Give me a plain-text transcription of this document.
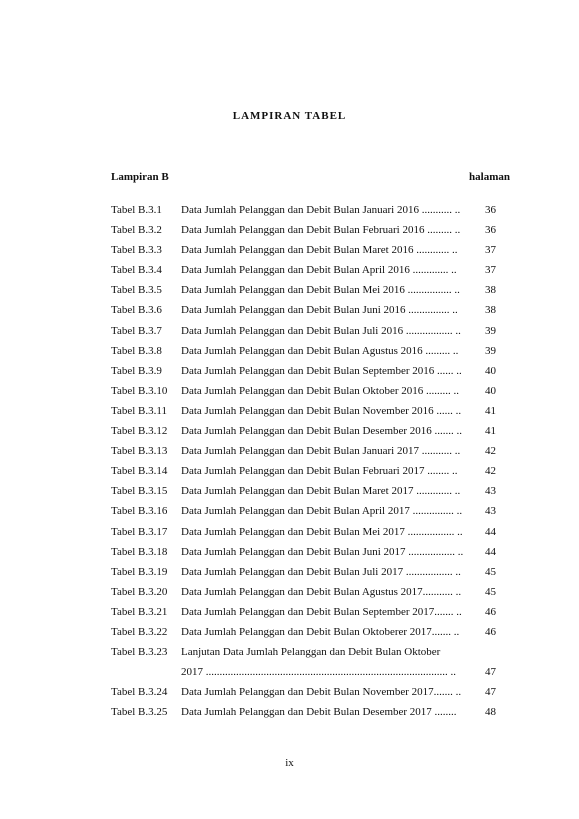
LAMPIRAN TABEL
Lampiran B	halaman
Tabel B.3.1 Data Jumlah Pelanggan dan Debit Bulan Januari 2016 ........... ..	36
Tabel B.3.2 Data Jumlah Pelanggan dan Debit Bulan Februari 2016 ......... ..	36
Tabel B.3.3 Data Jumlah Pelanggan dan Debit Bulan Maret 2016 ............ ..	37
Tabel B.3.4 Data Jumlah Pelanggan dan Debit Bulan April 2016 ............. ..	37
Tabel B.3.5 Data Jumlah Pelanggan dan Debit Bulan Mei 2016 ................ ..	38
Tabel B.3.6 Data Jumlah Pelanggan dan Debit Bulan Juni 2016 ............... ..	38
Tabel B.3.7 Data Jumlah Pelanggan dan Debit Bulan Juli 2016 ................. ..	39
Tabel B.3.8 Data Jumlah Pelanggan dan Debit Bulan Agustus 2016 ......... ..	39
Tabel B.3.9 Data Jumlah Pelanggan dan Debit Bulan September 2016 ...... ..	40
Tabel B.3.10 Data Jumlah Pelanggan dan Debit Bulan Oktober 2016 ......... ..	40
Tabel B.3.11 Data Jumlah Pelanggan dan Debit Bulan November 2016 ...... ..	41
Tabel B.3.12 Data Jumlah Pelanggan dan Debit Bulan Desember 2016 ....... ..	41
Tabel B.3.13 Data Jumlah Pelanggan dan Debit Bulan Januari 2017 ........... ..	42
Tabel B.3.14 Data Jumlah Pelanggan dan Debit Bulan Februari 2017 ........ ..	42
Tabel B.3.15 Data Jumlah Pelanggan dan Debit Bulan Maret 2017 ............. ..	43
Tabel B.3.16 Data Jumlah Pelanggan dan Debit Bulan April 2017 ............... ..	43
Tabel B.3.17 Data Jumlah Pelanggan dan Debit Bulan Mei 2017 ................. ..	44
Tabel B.3.18 Data Jumlah Pelanggan dan Debit Bulan Juni 2017 ................. ..	44
Tabel B.3.19 Data Jumlah Pelanggan dan Debit Bulan Juli 2017 ................. ..	45
Tabel B.3.20 Data Jumlah Pelanggan dan Debit Bulan Agustus 2017........... ..	45
Tabel B.3.21 Data Jumlah Pelanggan dan Debit Bulan September 2017....... ..	46
Tabel B.3.22 Data Jumlah Pelanggan dan Debit Bulan Oktoberer 2017....... ..	46
Tabel B.3.23 Lanjutan Data Jumlah Pelanggan dan Debit Bulan Oktober
2017 ........................................................................................ ..	47
Tabel B.3.24 Data Jumlah Pelanggan dan Debit Bulan November 2017....... ..	47
Tabel B.3.25 Data Jumlah Pelanggan dan Debit Bulan Desember 2017 ........	48
ix
